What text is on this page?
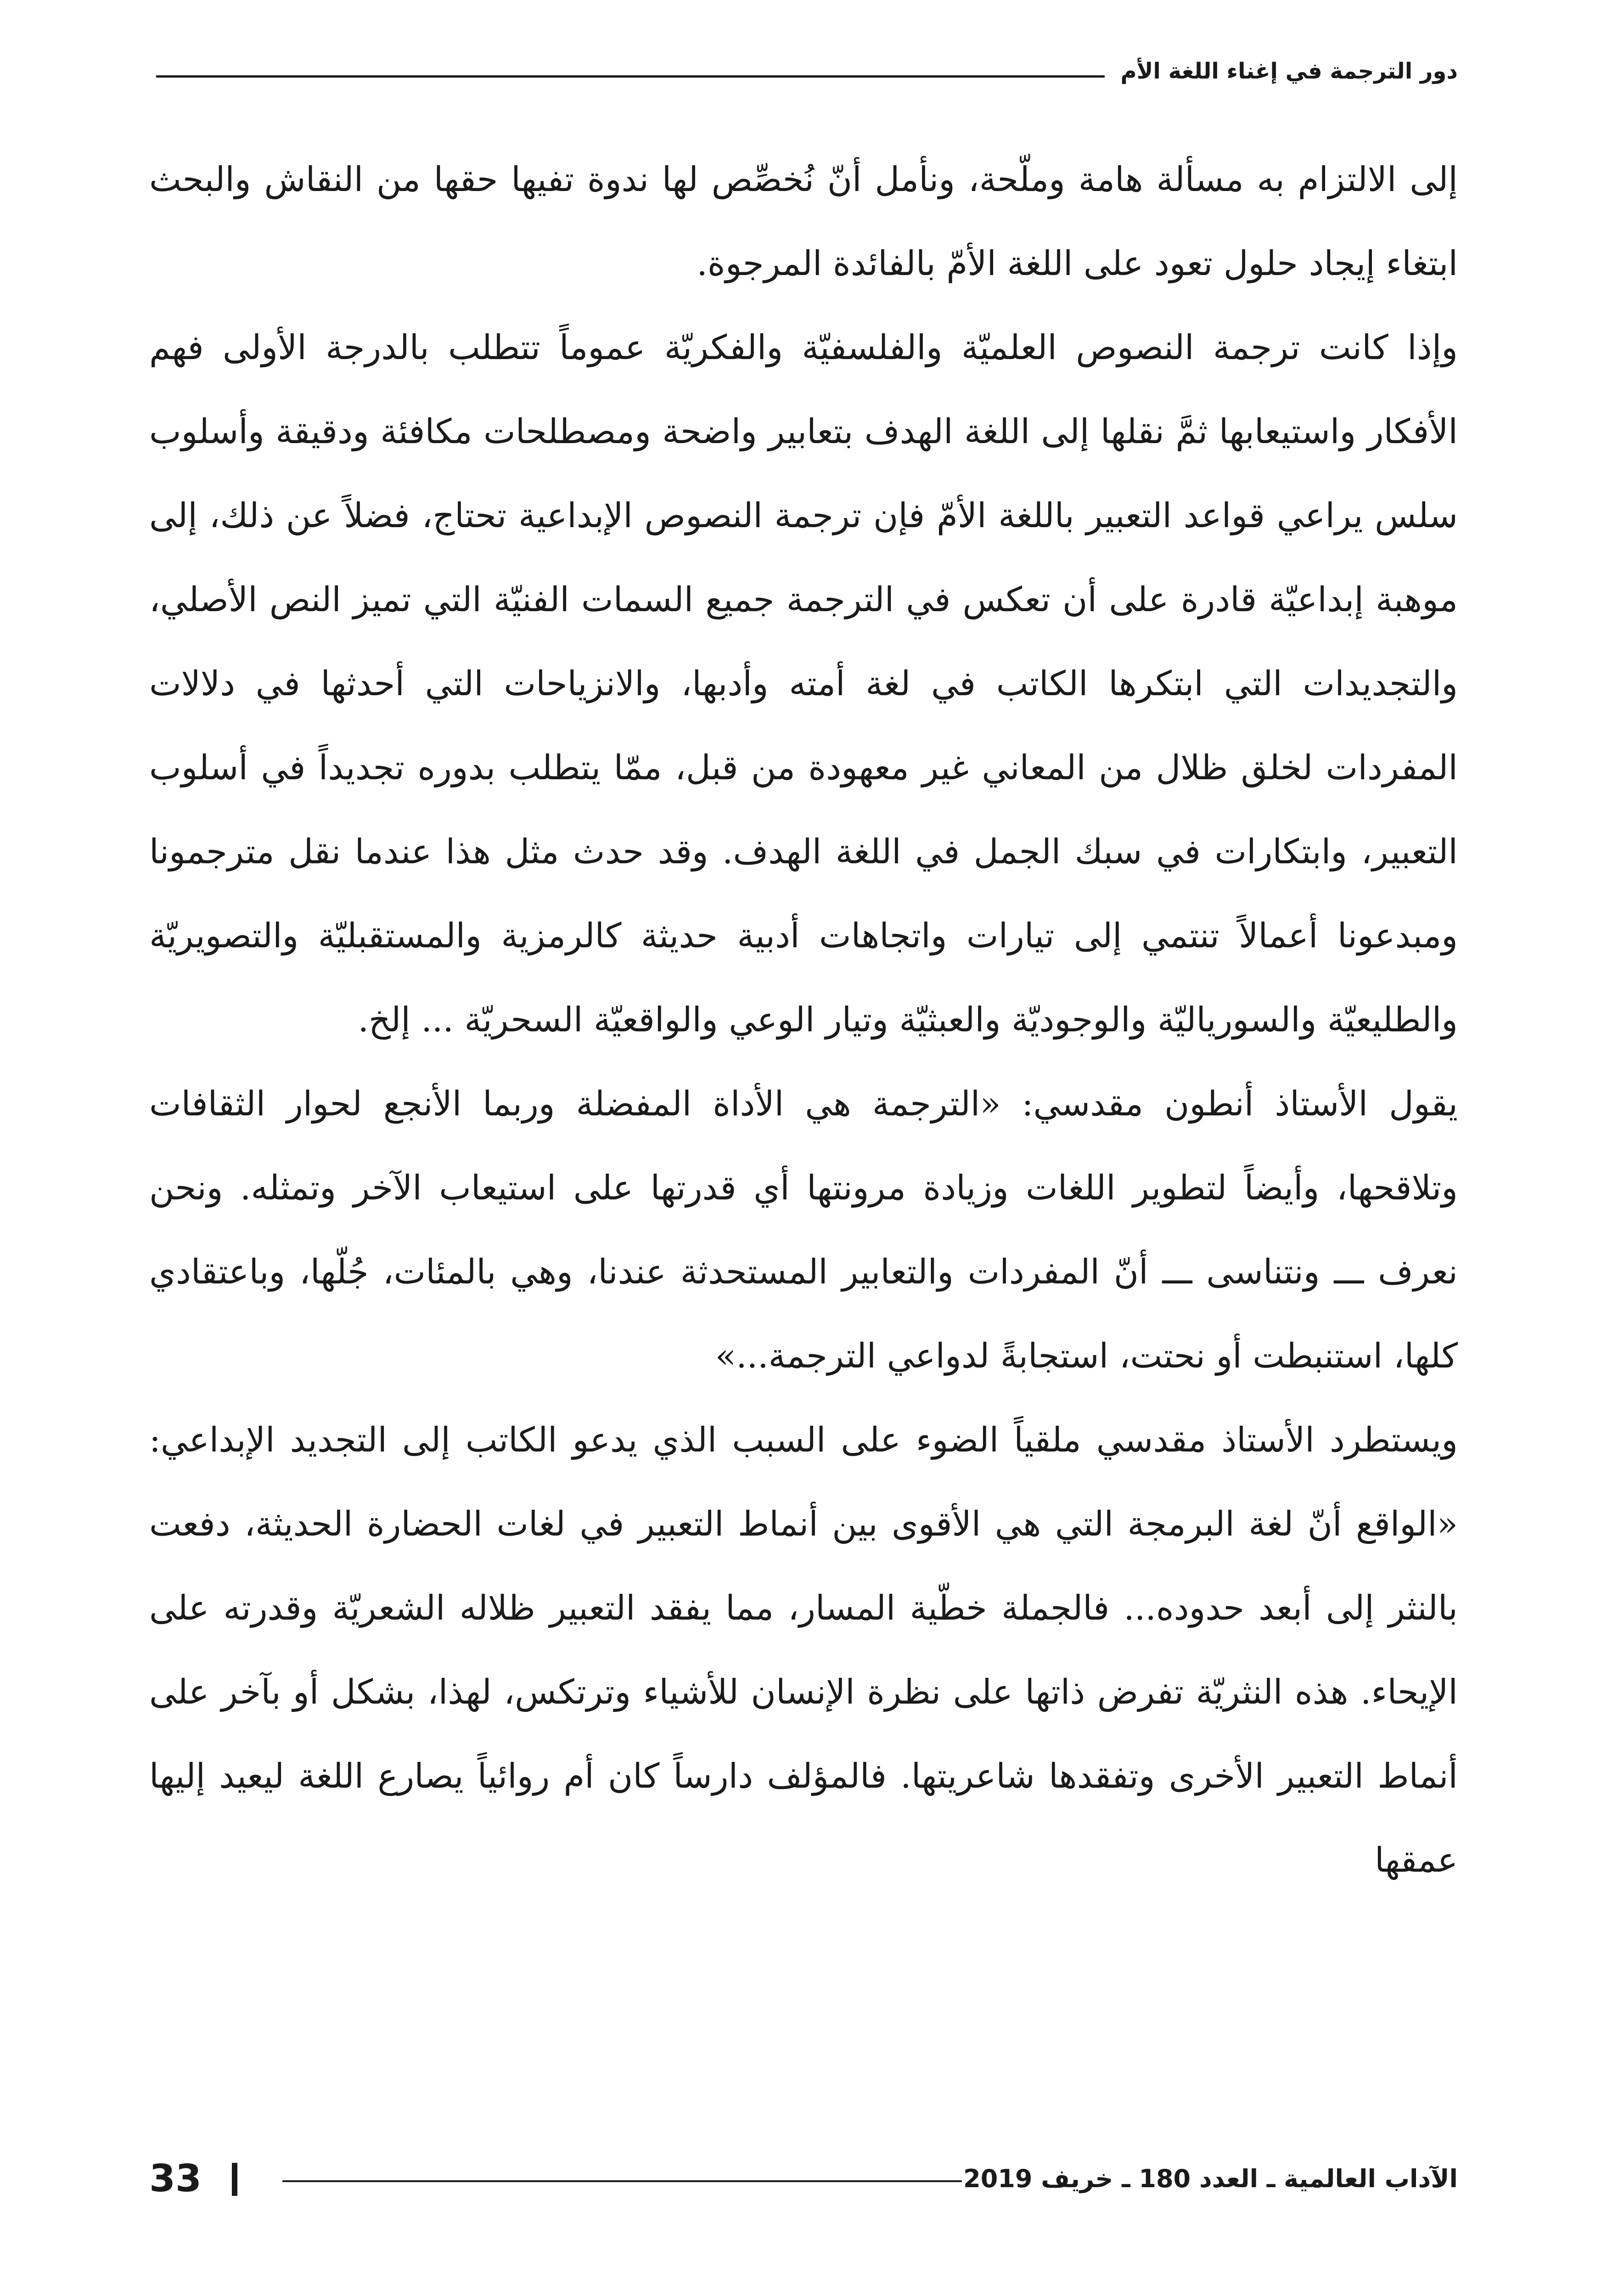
دور الترجمة في إغناء اللغة الأم

إلى الالتزام به مسألة هامة وملّحة، ونأمل أنّ نُخصِّص لها ندوة تفيها حقها من النقاش والبحث ابتغاء إيجاد حلول تعود على اللغة الأمّ بالفائدة المرجوة.

وإذا كانت ترجمة النصوص العلميّة والفلسفيّة والفكريّة عموماً تتطلب بالدرجة الأولى فهم الأفكار واستيعابها ثمَّ نقلها إلى اللغة الهدف بتعابير واضحة ومصطلحات مكافئة ودقيقة وأسلوب سلس يراعي قواعد التعبير باللغة الأمّ فإن ترجمة النصوص الإبداعية تحتاج، فضلاً عن ذلك، إلى موهبة إبداعيّة قادرة على أن تعكس في الترجمة جميع السمات الفنيّة التي تميز النص الأصلي، والتجديدات التي ابتكرها الكاتب في لغة أمته وأدبها، والانزياحات التي أحدثها في دلالات المفردات لخلق ظلال من المعاني غير معهودة من قبل، ممّا يتطلب بدوره تجديداً في أسلوب التعبير، وابتكارات في سبك الجمل في اللغة الهدف. وقد حدث مثل هذا عندما نقل مترجمونا ومبدعونا أعمالاً تنتمي إلى تيارات واتجاهات أدبية حديثة كالرمزية والمستقبليّة والتصويريّة والطليعيّة والسورياليّة والوجوديّة والعبثيّة وتيار الوعي والواقعيّة السحريّة ... إلخ.

يقول الأستاذ أنطون مقدسي: «الترجمة هي الأداة المفضلة وربما الأنجع لحوار الثقافات وتلاقحها، وأيضاً لتطوير اللغات وزيادة مرونتها أي قدرتها على استيعاب الآخر وتمثله. ونحن نعرف ـــ ونتناسى ـــ أنّ المفردات والتعابير المستحدثة عندنا، وهي بالمئات، جُلّها، وباعتقادي كلها، استنبطت أو نحتت، استجابةً لدواعي الترجمة...»

ويستطرد الأستاذ مقدسي ملقياً الضوء على السبب الذي يدعو الكاتب إلى التجديد الإبداعي: «الواقع أنّ لغة البرمجة التي هي الأقوى بين أنماط التعبير في لغات الحضارة الحديثة، دفعت بالنثر إلى أبعد حدوده... فالجملة خطّية المسار، مما يفقد التعبير ظلاله الشعريّة وقدرته على الإيحاء. هذه النثريّة تفرض ذاتها على نظرة الإنسان للأشياء وترتكس، لهذا، بشكل أو بآخر على أنماط التعبير الأخرى وتفقدها شاعريتها. فالمؤلف دارساً كان أم روائياً يصارع اللغة ليعيد إليها عمقها

33	الآداب العالمية ـ العدد 180 ـ خريف 2019
